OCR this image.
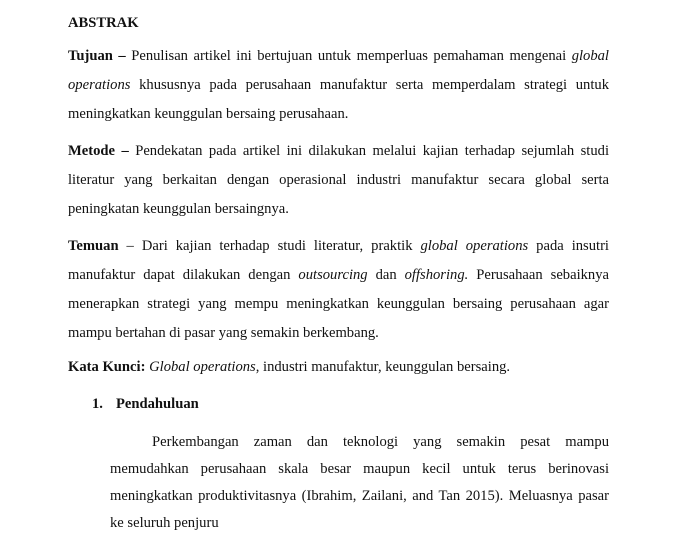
ABSTRAK

Tujuan – Penulisan artikel ini bertujuan untuk memperluas pemahaman mengenai global operations khususnya pada perusahaan manufaktur serta memperdalam strategi untuk meningkatkan keunggulan bersaing perusahaan.

Metode – Pendekatan pada artikel ini dilakukan melalui kajian terhadap sejumlah studi literatur yang berkaitan dengan operasional industri manufaktur secara global serta peningkatan keunggulan bersaingnya.

Temuan – Dari kajian terhadap studi literatur, praktik global operations pada insutri manufaktur dapat dilakukan dengan outsourcing dan offshoring. Perusahaan sebaiknya menerapkan strategi yang mempu meningkatkan keunggulan bersaing perusahaan agar mampu bertahan di pasar yang semakin berkembang.

Kata Kunci: Global operations, industri manufaktur, keunggulan bersaing.
1. Pendahuluan

Perkembangan zaman dan teknologi yang semakin pesat mampu memudahkan perusahaan skala besar maupun kecil untuk terus berinovasi meningkatkan produktivitasnya (Ibrahim, Zailani, and Tan 2015). Meluasnya pasar ke seluruh penjuru
